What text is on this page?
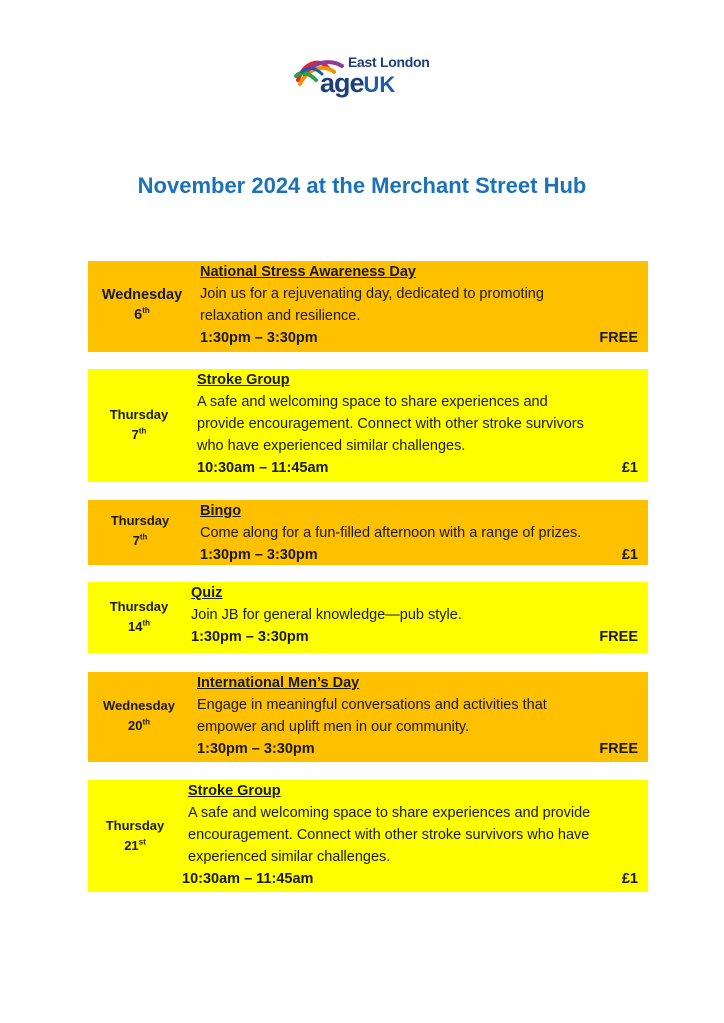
East London
ageUK
November 2024 at the Merchant Street Hub
Wednesday
6th
National Stress Awareness Day
Join us for a rejuvenating day, dedicated to promoting relaxation and resilience.
1:30pm – 3:30pm	FREE
Thursday
7th
Stroke Group
A safe and welcoming space to share experiences and provide encouragement. Connect with other stroke survivors who have experienced similar challenges.
10:30am – 11:45am	£1
Thursday
7th
Bingo
Come along for a fun-filled afternoon with a range of prizes.
1:30pm – 3:30pm	£1
Thursday
14th
Quiz
Join JB for general knowledge—pub style.
1:30pm – 3:30pm	FREE
Wednesday
20th
International Men’s Day
Engage in meaningful conversations and activities that empower and uplift men in our community.
1:30pm – 3:30pm	FREE
Thursday
21st
Stroke Group
A safe and welcoming space to share experiences and provide encouragement. Connect with other stroke survivors who have experienced similar challenges.
10:30am – 11:45am	£1
